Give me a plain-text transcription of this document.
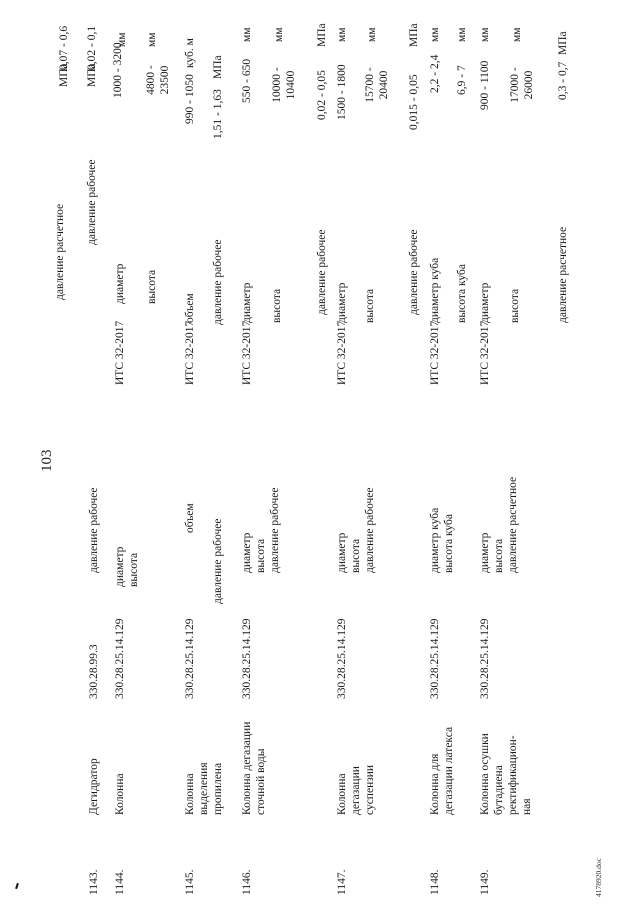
103
1143.
Дегидратор
330.28.99.3
давление рабочее
давление расчетное
МПа
0,07 - 0,6
давление рабочее
МПа
0,02 - 0,1
1144.
Колонна
330.28.25.14.129
диаметр высота
ИТС 32-2017
диаметр
мм
1000 - 3200
высота
мм
4800 - 23500
1145.
Колонна выделения пропилена
330.28.25.14.129
объем
давление рабочее
ИТС 32-2017
объем
куб. м
990 - 1050
давление рабочее
МПа
1,51 - 1,63
1146.
Колонна дегазации сточной воды
330.28.25.14.129
диаметр высота давление рабочее
ИТС 32-2017
диаметр
мм
550 - 650
высота
мм
10000 - 10400
давление рабочее
МПа
0,02 - 0,05
1147.
Колонна дегазации суспензии
330.28.25.14.129
диаметр высота давление рабочее
ИТС 32-2017
диаметр
мм
1500 - 1800
высота
мм
15700 - 20400
давление рабочее
МПа
0,015 - 0,05
1148.
Колонна для дегазации латекса
330.28.25.14.129
диаметр куба высота куба
ИТС 32-2017
диаметр куба
мм
2,2 - 2,4
высота куба
мм
6,9 - 7
1149.
Колонна осушки бутадиена ректификацион-ная
330.28.25.14.129
диаметр высота давление расчетное
ИТС 32-2017
диаметр
мм
900 - 1100
высота
мм
17000 - 26000
давление расчетное
МПа
0,3 - 0,7
4178920.doc
